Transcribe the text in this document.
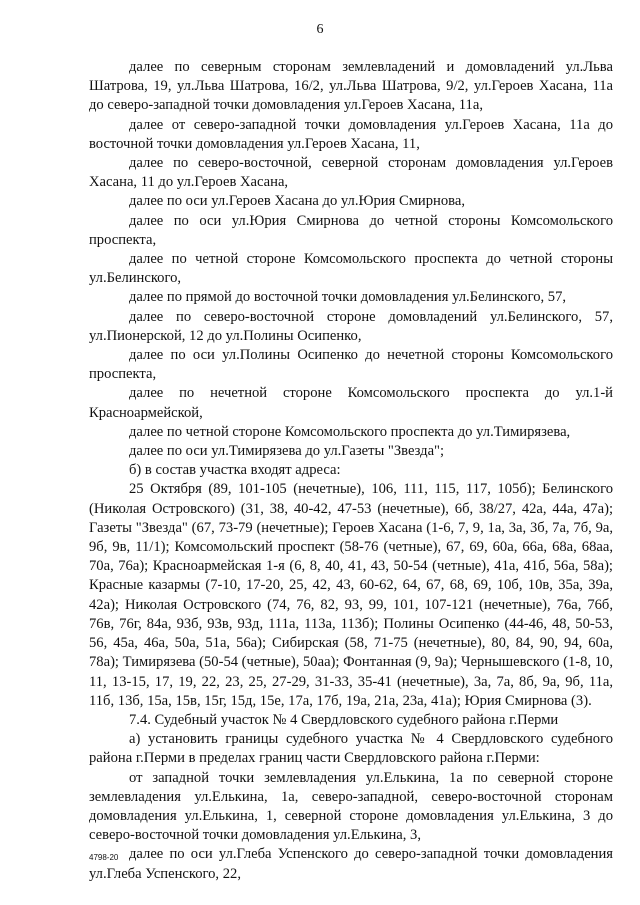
6

далее по северным сторонам землевладений и домовладений ул.Льва Шатрова, 19, ул.Льва Шатрова, 16/2, ул.Льва Шатрова, 9/2, ул.Героев Хасана, 11а до северо-западной точки домовладения ул.Героев Хасана, 11а,

далее от северо-западной точки домовладения ул.Героев Хасана, 11а до восточной точки домовладения ул.Героев Хасана, 11,

далее по северо-восточной, северной сторонам домовладения ул.Героев Хасана, 11 до ул.Героев Хасана,

далее по оси ул.Героев Хасана до ул.Юрия Смирнова,

далее по оси ул.Юрия Смирнова до четной стороны Комсомольского проспекта,

далее по четной стороне Комсомольского проспекта до четной стороны ул.Белинского,

далее по прямой до восточной точки домовладения ул.Белинского, 57,

далее по северо-восточной стороне домовладений ул.Белинского, 57, ул.Пионерской, 12 до ул.Полины Осипенко,

далее по оси ул.Полины Осипенко до нечетной стороны Комсомольского проспекта,

далее по нечетной стороне Комсомольского проспекта до ул.1-й Красноармейской,

далее по четной стороне Комсомольского проспекта до ул.Тимирязева,

далее по оси ул.Тимирязева до ул.Газеты "Звезда";

б) в состав участка входят адреса:

25 Октября (89, 101-105 (нечетные), 106, 111, 115, 117, 105б); Белинского (Николая Островского) (31, 38, 40-42, 47-53 (нечетные), 6б, 38/27, 42а, 44а, 47а); Газеты "Звезда" (67, 73-79 (нечетные); Героев Хасана (1-6, 7, 9, 1а, 3а, 3б, 7а, 7б, 9а, 9б, 9в, 11/1); Комсомольский проспект (58-76 (четные), 67, 69, 60а, 66а, 68а, 68аа, 70а, 76а); Красноармейская 1-я (6, 8, 40, 41, 43, 50-54 (четные), 41а, 41б, 56а, 58а); Красные казармы (7-10, 17-20, 25, 42, 43, 60-62, 64, 67, 68, 69, 10б, 10в, 35а, 39а, 42а); Николая Островского (74, 76, 82, 93, 99, 101, 107-121 (нечетные), 76а, 76б, 76в, 76г, 84а, 93б, 93в, 93д, 111а, 113а, 113б); Полины Осипенко (44-46, 48, 50-53, 56, 45а, 46а, 50а, 51а, 56а); Сибирская (58, 71-75 (нечетные), 80, 84, 90, 94, 60а, 78а); Тимирязева (50-54 (четные), 50аа); Фонтанная (9, 9а); Чернышевского (1-8, 10, 11, 13-15, 17, 19, 22, 23, 25, 27-29, 31-33, 35-41 (нечетные), 3а, 7а, 8б, 9а, 9б, 11а, 11б, 13б, 15а, 15в, 15г, 15д, 15е, 17а, 17б, 19а, 21а, 23а, 41а); Юрия Смирнова (3).

7.4. Судебный участок № 4 Свердловского судебного района г.Перми

а) установить границы судебного участка № 4 Свердловского судебного района г.Перми в пределах границ части Свердловского района г.Перми:

от западной точки землевладения ул.Елькина, 1а по северной стороне землевладения ул.Елькина, 1а, северо-западной, северо-восточной сторонам домовладения ул.Елькина, 1, северной стороне домовладения ул.Елькина, 3 до северо-восточной точки домовладения ул.Елькина, 3,

далее по оси ул.Глеба Успенского до северо-западной точки домовладения ул.Глеба Успенского, 22,

4798-20
